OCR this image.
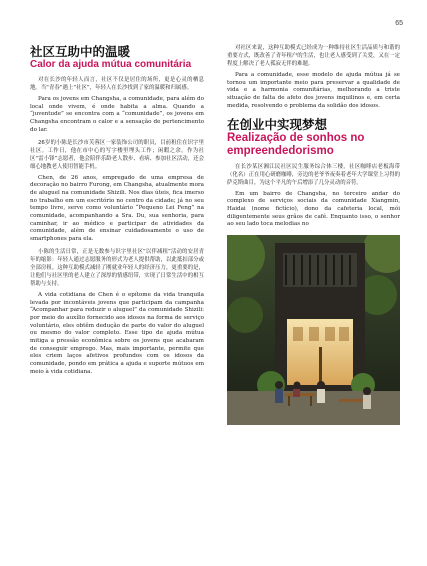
65
社区互助中的温暖
Calor da ajuda mútua comunitária

对在长沙的年轻人而言，社区不仅是居住的场所，更是心灵的栖息地。当“青春”遇上“社区”，年轻人在长沙找到了家的温暖和归属感。

Para os jovens em Changsha, a comunidade, para além do local onde vivem, é onde habita a alma. Quando a “juventude” se encontra com a “comunidade”, os jovens em Changsha encontram o calor e a sensação de pertencimento do lar.

26岁的小陈是长沙市芙蓉区一家装饰公司的职员，目前租住在识字里社区。工作日，他在市中心的写字楼里埋头工作；闲暇之余，作为社区“雷小锋”志愿者，他会陪伴乐龄老人散步、看病、参加社区活动，还会细心地教老人使用智能手机。

Chen, de 26 anos, empregado de uma empresa de decoração no bairro Furong, em Changsha, atualmente mora de aluguel na comunidade Shizili. Nos dias úteis, fica imerso no trabalho em um escritório no centro da cidade; já no seu tempo livre, serve como voluntário “Pequeno Lei Feng” na comunidade, acompanhando a Sra. Du, sua senhoria, para caminhar, ir ao médico e participar de atividades da comunidade, além de ensinar cuidadosamente o uso de smartphones para ela.

小陈的生活日常，正是无数参与识字里社区“以伴减租”活动的安居青年的缩影：年轻人通过志愿服务的形式为老人提供帮助，以此抵扣部分或全部房租。这种互助模式减轻了刚就业年轻人的经济压力，更重要的是，让他们与社区里的老人建立了深厚的情感纽带，实现了日常生活中的相互帮助与支持。

A vida cotidiana de Chen é o epítome da vida tranquila levada por incontáveis jovens que participam da campanha “Acompanhar para reduzir o aluguel” da comunidade Shizili: por meio do auxílio fornecido aos idosos na forma de serviço voluntário, eles obtêm dedução de parte do valor do aluguel ou mesmo do valor completo. Esse tipo de ajuda mútua mitiga a pressão econômica sobre os jovens que acabaram de conseguir emprego. Mas, mais importante, permite que eles criem laços afetivos profundos com os idosos da comunidade, pondo em prática a ajuda e suporte mútuos em meio à vida cotidiana.

对社区来说，这种互助模式已经成为一种维持社区生活品质与和谐的重要方式，既改善了青年租户的生活，也让老人感受到了关爱，又在一定程度上解决了老人孤寂无伴的难题。

Para a comunidade, esse modelo de ajuda mútua já se tornou um importante meio para preservar a qualidade de vida e a harmonia comunitárias, melhorando a triste situação de falta de afeto dos jovens inquilinos e, em certa medida, resolvendo o problema da solidão dos idosos.

在创业中实现梦想
Realização de sonhos no empreendedorismo

在长沙某区湘江民社区民生服务综合体三楼，社区咖啡店老板海带（化名）正在用心研磨咖啡，旁边的老爷爷夜奏着老年大学课堂上习得的萨克斯曲目，为这个平凡的午后增添了几分灵动的音符。

Em um bairro de Changsha, no terceiro andar do complexo de serviços sociais da comunidade Xiangmin, Haidai (nome fictício), dono da cafeteria local, mói diligentemente seus grãos de café. Enquanto isso, o senhor ao seu lado toca melodias no
